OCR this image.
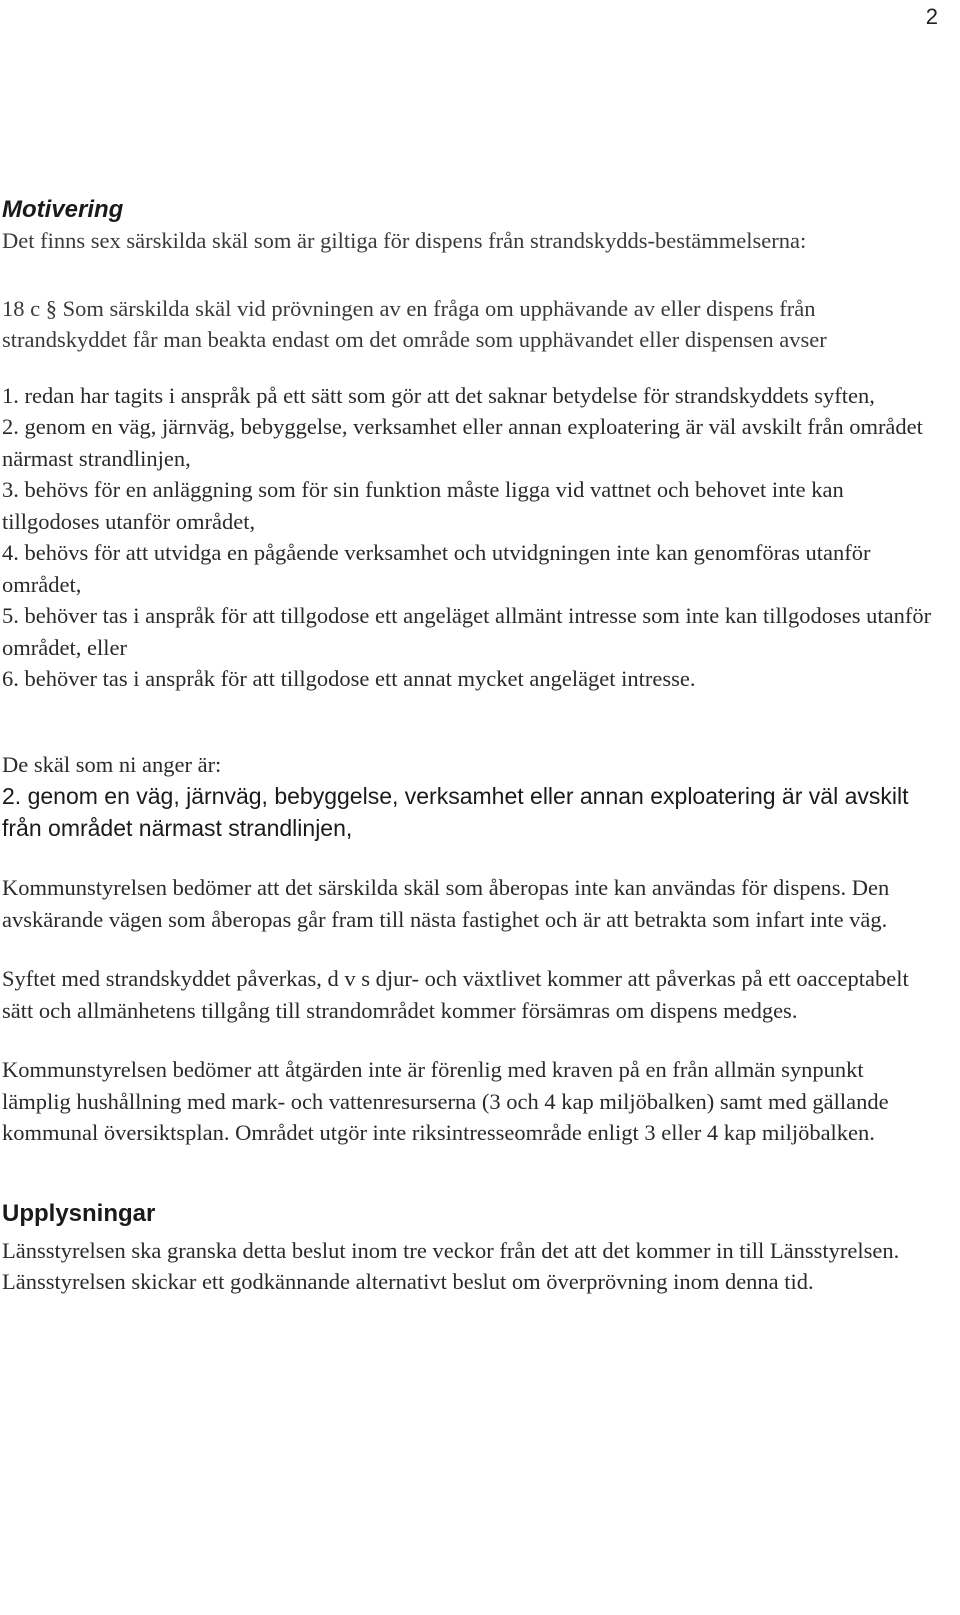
2
Motivering

Det finns sex särskilda skäl som är giltiga för dispens från strandskydds-bestämmelserna:

18 c § Som särskilda skäl vid prövningen av en fråga om upphävande av eller dispens från strandskyddet får man beakta endast om det område som upphävandet eller dispensen avser

1. redan har tagits i anspråk på ett sätt som gör att det saknar betydelse för strandskyddets syften,
2. genom en väg, järnväg, bebyggelse, verksamhet eller annan exploatering är väl avskilt från området närmast strandlinjen,
3. behövs för en anläggning som för sin funktion måste ligga vid vattnet och behovet inte kan tillgodoses utanför området,
4. behövs för att utvidga en pågående verksamhet och utvidgningen inte kan genomföras utanför området,
5. behöver tas i anspråk för att tillgodose ett angeläget allmänt intresse som inte kan tillgodoses utanför området, eller
6. behöver tas i anspråk för att tillgodose ett annat mycket angeläget intresse.

De skäl som ni anger är:

2. genom en väg, järnväg, bebyggelse, verksamhet eller annan exploatering är väl avskilt från området närmast strandlinjen,

Kommunstyrelsen bedömer att det särskilda skäl som åberopas inte kan användas för dispens. Den avskärande vägen som åberopas går fram till nästa fastighet och är att betrakta som infart inte väg.

Syftet med strandskyddet påverkas, d v s djur- och växtlivet kommer att påverkas på ett oacceptabelt sätt och allmänhetens tillgång till strandområdet kommer försämras om dispens medges.

Kommunstyrelsen bedömer att åtgärden inte är förenlig med kraven på en från allmän synpunkt lämplig hushållning med mark- och vattenresurserna (3 och 4 kap miljöbalken) samt med gällande kommunal översiktsplan. Området utgör inte riksintresseområde enligt 3 eller 4 kap miljöbalken.

Upplysningar

Länsstyrelsen ska granska detta beslut inom tre veckor från det att det kommer in till Länsstyrelsen. Länsstyrelsen skickar ett godkännande alternativt beslut om överprövning inom denna tid.
